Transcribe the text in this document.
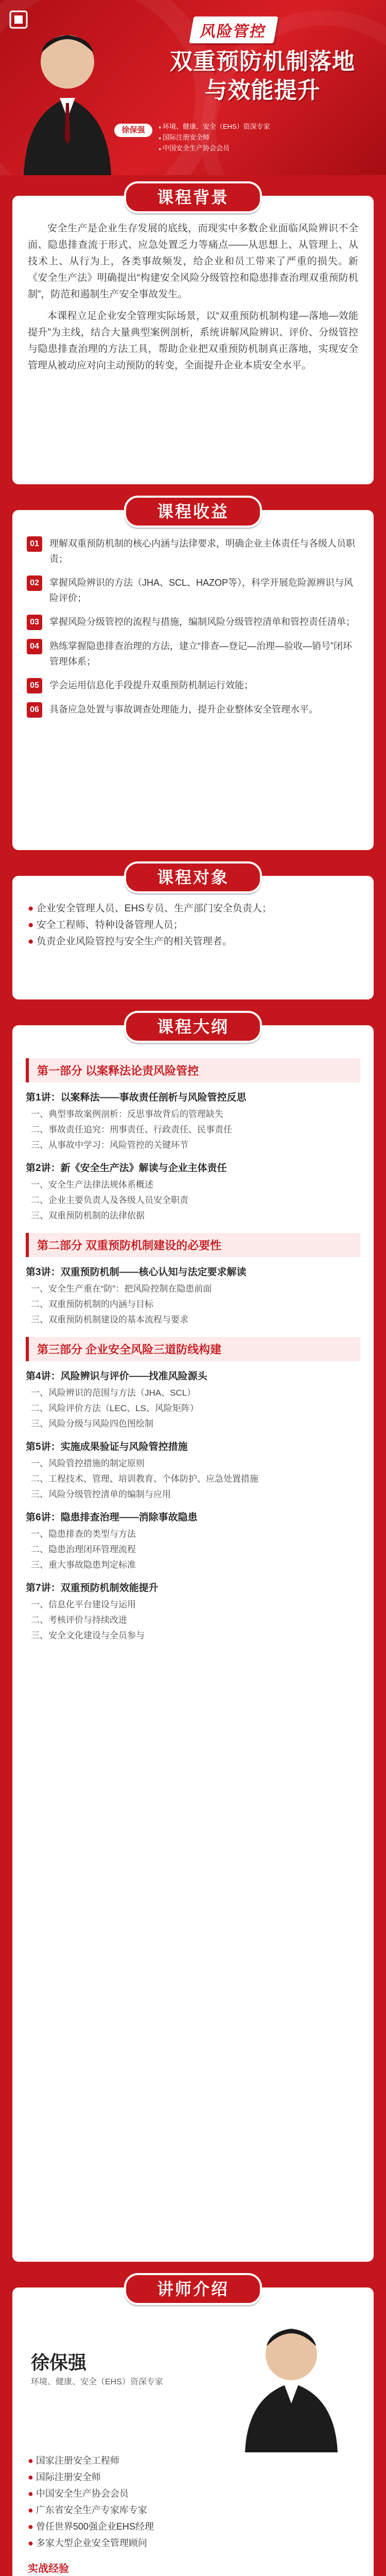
风险管控
双重预防机制落地
与效能提升
徐保强
●	环境、健康、安全（EHS）资深专家
● 国际注册安全师
● 中国安全生产协会会员
课程背景

安全生产是企业生存发展的底线，而现实中多数企业面临风险辨识不全面、隐患排查流于形式、应急处置乏力等痛点——从思想上、从管理上、从技术上、从行为上，各类事故频发，给企业和员工带来了严重的损失。新《安全生产法》明确提出“构建安全风险分级管控和隐患排查治理双重预防机制”，防范和遏制生产安全事故发生。

本课程立足企业安全管理实际场景，以“双重预防机制构建—落地—效能提升”为主线，结合大量典型案例剖析，系统讲解风险辨识、评价、分级管控与隐患排查治理的方法工具，帮助企业把双重预防机制真正落地，实现安全管理从被动应对向主动预防的转变，全面提升企业本质安全水平。

课程收益
01	理解双重预防机制的核心内涵与法律要求，明确企业主体责任与各级人员职责；
02	掌握风险辨识的方法（JHA、SCL、HAZOP等），科学开展危险源辨识与风险评价；
03	掌握风险分级管控的流程与措施，编制风险分级管控清单和管控责任清单；
04	熟练掌握隐患排查治理的方法，建立“排查—登记—治理—验收—销号”闭环管理体系；
05	学会运用信息化手段提升双重预防机制运行效能；
06	具备应急处置与事故调查处理能力，提升企业整体安全管理水平。
课程对象
● 企业安全管理人员、EHS专员、生产部门安全负责人；
● 安全工程师、特种设备管理人员；
● 负责企业风险管控与安全生产的相关管理者。
课程大纲
第一部分 以案释法论责风险管控
第1讲：以案释法——事故责任剖析与风险管控反思
一、典型事故案例剖析：反思事故背后的管理缺失
二、事故责任追究：刑事责任、行政责任、民事责任
三、从事故中学习：风险管控的关键环节
第2讲：新《安全生产法》解读与企业主体责任
一、安全生产法律法规体系概述
二、企业主要负责人及各级人员安全职责
三、双重预防机制的法律依据
第二部分 双重预防机制建设的必要性
第3讲：双重预防机制——核心认知与法定要求解读
一、安全生产重在“防”：把风险控制在隐患前面
二、双重预防机制的内涵与目标
三、双重预防机制建设的基本流程与要求
第三部分 企业安全风险三道防线构建
第4讲：风险辨识与评价——找准风险源头
一、风险辨识的范围与方法（JHA、SCL）
二、风险评价方法（LEC、LS、风险矩阵）
三、风险分级与风险四色图绘制
第5讲：实施成果验证与风险管控措施
一、风险管控措施的制定原则
二、工程技术、管理、培训教育、个体防护、应急处置措施
三、风险分级管控清单的编制与应用
第6讲：隐患排查治理——消除事故隐患
一、隐患排查的类型与方法
二、隐患治理闭环管理流程
三、重大事故隐患判定标准
第7讲：双重预防机制效能提升
一、信息化平台建设与运用
二、考核评价与持续改进
三、安全文化建设与全员参与
讲师介绍
徐保强
环境、健康、安全（EHS）资深专家
● 国家注册安全工程师
● 国际注册安全师
● 中国安全生产协会会员
● 广东省安全生产专家库专家
● 曾任世界500强企业EHS经理
● 多家大型企业安全管理顾问
实战经验
